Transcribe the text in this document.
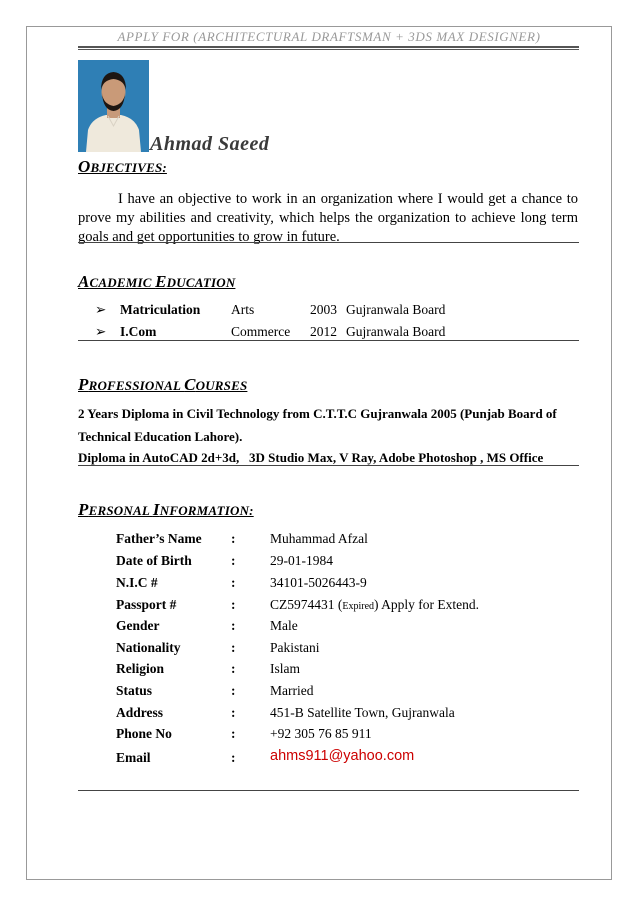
APPLY FOR (ARCHITECTURAL DRAFTSMAN + 3DS MAX DESIGNER)
Ahmad Saeed
OBJECTIVES:
I have an objective to work in an organization where I would get a chance to prove my abilities and creativity, which helps the organization to achieve long term goals and get opportunities to grow in future.
ACADEMIC EDUCATION
➢ Matriculation Arts	2003 Gujranwala Board
➢ I.Com	Commerce 2012 Gujranwala Board
PROFESSIONAL COURSES
2 Years Diploma in Civil Technology from C.T.T.C Gujranwala 2005 (Punjab Board of
Technical Education Lahore).
Diploma in AutoCAD 2d+3d,   3D Studio Max, V Ray, Adobe Photoshop , MS Office
PERSONAL INFORMATION:
Father’s Name :	Muhammad Afzal
Date of Birth	:	29-01-1984
N.I.C #	:	34101-5026443-9
Passport #	:	CZ5974431 (Expired) Apply for Extend.
Gender	:	Male
Nationality	:	Pakistani
Religion	:	Islam
Status	:	Married
Address	:	451-B Satellite Town, Gujranwala
Phone No	:	+92 305 76 85 911
Email	: ahms911@yahoo.com
